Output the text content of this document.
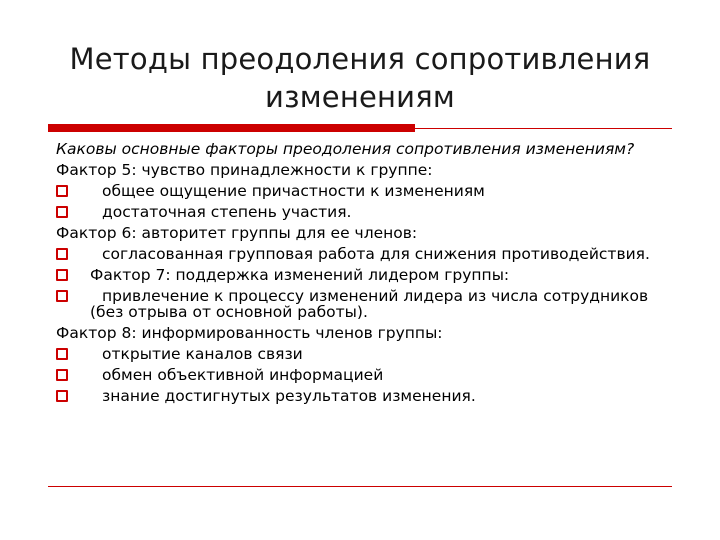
Методы преодоления сопротивления изменениям
Каковы основные факторы преодоления сопротивления изменениям?
Фактор 5: чувство принадлежности к группе:
общее ощущение причастности к изменениям
достаточная степень участия.
Фактор 6: авторитет группы для ее членов:
согласованная групповая работа для снижения противодействия.
Фактор 7: поддержка изменений лидером группы:
привлечение к процессу изменений лидера из числа сотрудников (без отрыва от основной работы).
Фактор 8: информированность членов группы:
открытие каналов связи
обмен объективной информацией
знание достигнутых результатов изменения.
